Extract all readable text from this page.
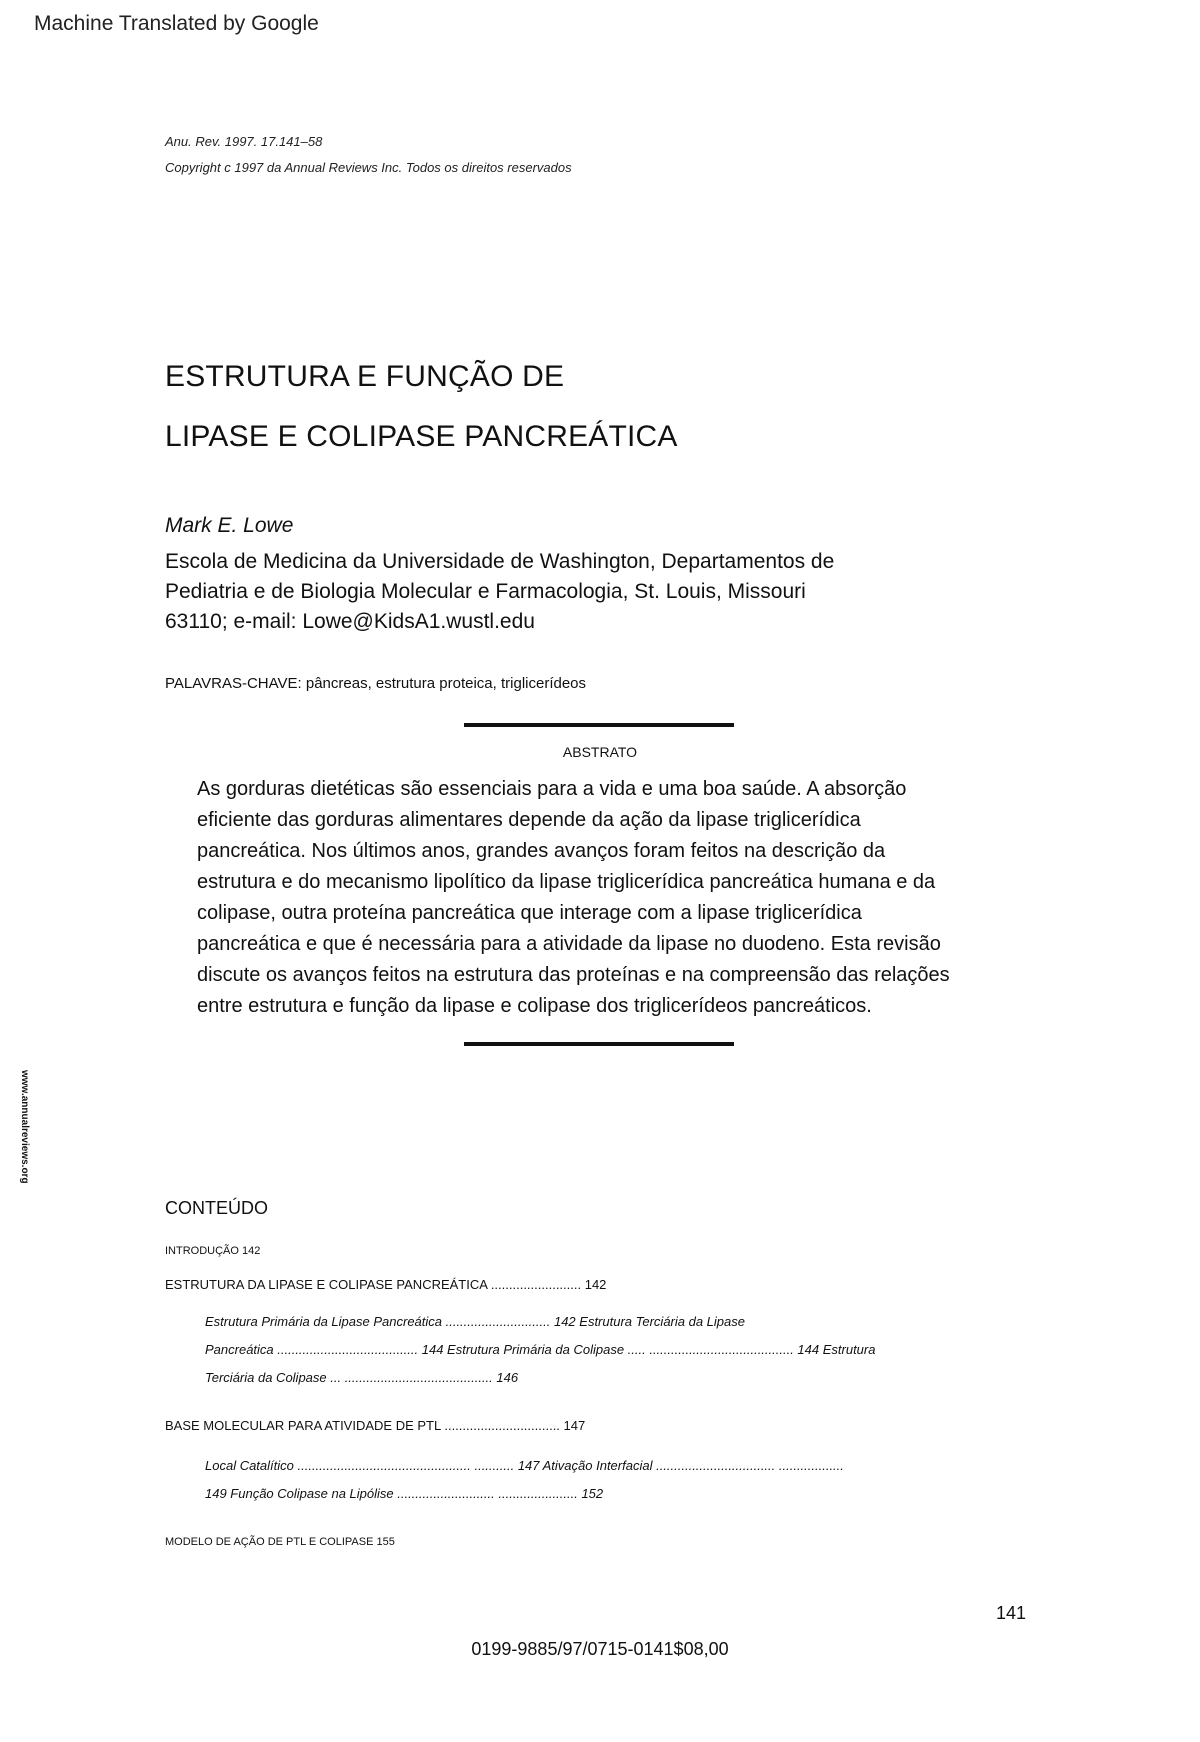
Machine Translated by Google
Anu. Rev. 1997. 17.141–58
Copyright c 1997 da Annual Reviews Inc. Todos os direitos reservados
ESTRUTURA E FUNÇÃO DE
LIPASE E COLIPASE PANCREÁTICA
Mark E. Lowe
Escola de Medicina da Universidade de Washington, Departamentos de
Pediatria e de Biologia Molecular e Farmacologia, St. Louis, Missouri
63110; e-mail: Lowe@KidsA1.wustl.edu
PALAVRAS-CHAVE: pâncreas, estrutura proteica, triglicerídeos
ABSTRATO
As gorduras dietéticas são essenciais para a vida e uma boa saúde. A absorção
eficiente das gorduras alimentares depende da ação da lipase triglicerídica
pancreática. Nos últimos anos, grandes avanços foram feitos na descrição da
estrutura e do mecanismo lipolítico da lipase triglicerídica pancreática humana e da
colipase, outra proteína pancreática que interage com a lipase triglicerídica
pancreática e que é necessária para a atividade da lipase no duodeno. Esta revisão
discute os avanços feitos na estrutura das proteínas e na compreensão das relações
entre estrutura e função da lipase e colipase dos triglicerídeos pancreáticos.
www.annualreviews.org
CONTEÚDO
INTRODUÇÃO 142
ESTRUTURA DA LIPASE E COLIPASE PANCREÁTICA ......................... 142
Estrutura Primária da Lipase Pancreática ............................. 142 Estrutura Terciária da Lipase
Pancreática ....................................... 144 Estrutura Primária da Colipase ..... ........................................ 144 Estrutura
Terciária da Colipase ... ......................................... 146
BASE MOLECULAR PARA ATIVIDADE DE PTL ................................ 147
Local Catalítico ................................................ ........... 147 Ativação Interfacial ................................. ..................
149 Função Colipase na Lipólise ........................... ...................... 152
MODELO DE AÇÃO DE PTL E COLIPASE 155
141
0199-9885/97/0715-0141$08,00
